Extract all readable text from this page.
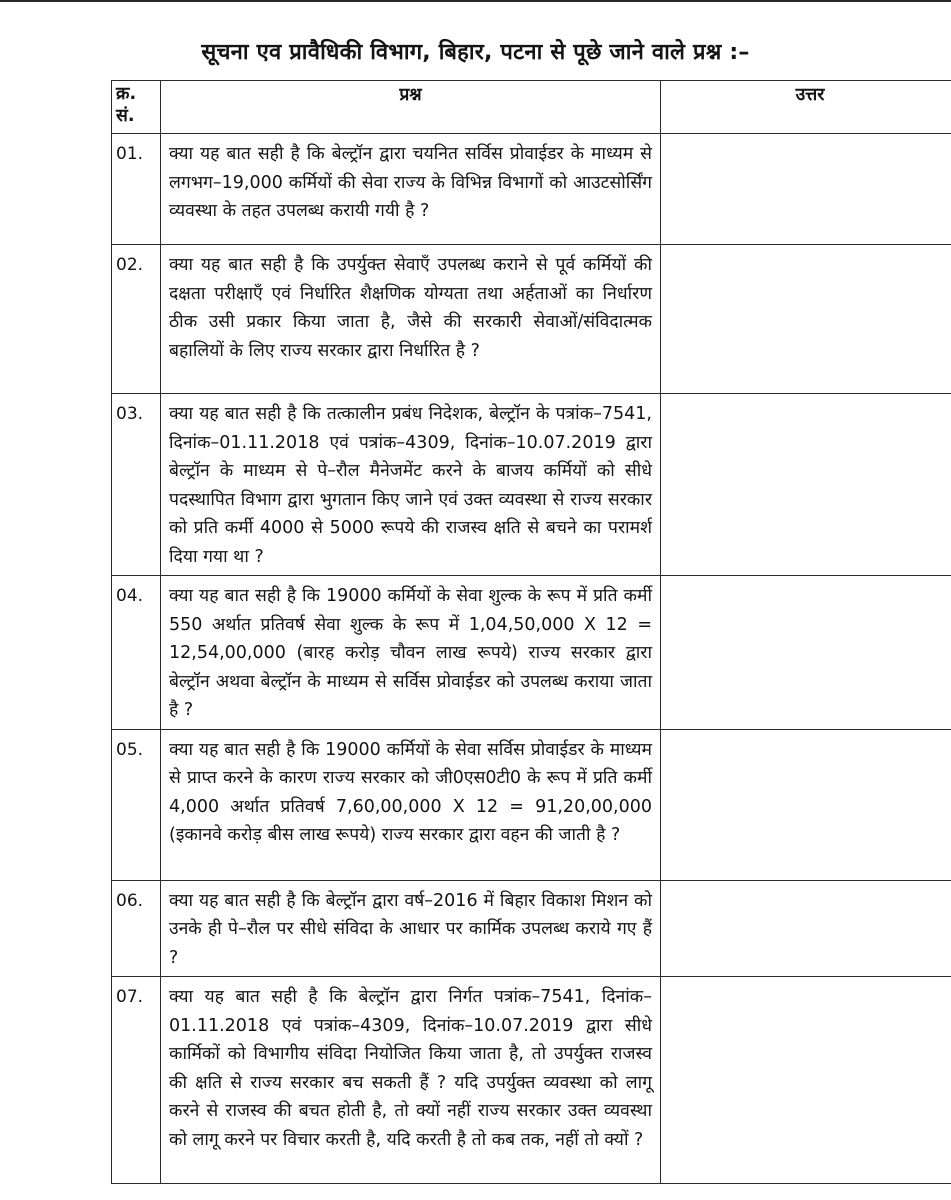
सूचना एव प्रावैधिकी विभाग, बिहार, पटना से पूछे जाने वाले प्रश्न :–
क्र. सं.	प्रश्न	उत्तर
01.	क्या यह बात सही है कि बेल्ट्रॉन द्वारा चयनित सर्विस प्रोवाईडर के माध्यम से लगभग–19,000 कर्मियों की सेवा राज्य के विभिन्न विभागों को आउटसोर्सिंग व्यवस्था के तहत उपलब्ध करायी गयी है ?	
02.	क्या यह बात सही है कि उपर्युक्त सेवाएँ उपलब्ध कराने से पूर्व कर्मियों की दक्षता परीक्षाएँ एवं निर्धारित शैक्षणिक योग्यता तथा अर्हताओं का निर्धारण ठीक उसी प्रकार किया जाता है, जैसे की सरकारी सेवाओं/संविदात्मक बहालियों के लिए राज्य सरकार द्वारा निर्धारित है ?	
03.	क्या यह बात सही है कि तत्कालीन प्रबंध निदेशक, बेल्ट्रॉन के पत्रांक–7541, दिनांक–01.11.2018 एवं पत्रांक–4309, दिनांक–10.07.2019 द्वारा बेल्ट्रॉन के माध्यम से पे–रौल मैनेजमेंट करने के बाजय कर्मियों को सीधे पदस्थापित विभाग द्वारा भुगतान किए जाने एवं उक्त व्यवस्था से राज्य सरकार को प्रति कर्मी 4000 से 5000 रूपये की राजस्व क्षति से बचने का परामर्श दिया गया था ?	
04.	क्या यह बात सही है कि 19000 कर्मियों के सेवा शुल्क के रूप में प्रति कर्मी 550 अर्थात प्रतिवर्ष सेवा शुल्क के रूप में 1,04,50,000 X 12 = 12,54,00,000 (बारह करोड़ चौवन लाख रूपये) राज्य सरकार द्वारा बेल्ट्रॉन अथवा बेल्ट्रॉन के माध्यम से सर्विस प्रोवाईडर को उपलब्ध कराया जाता है ?	
05.	क्या यह बात सही है कि 19000 कर्मियों के सेवा सर्विस प्रोवाईडर के माध्यम से प्राप्त करने के कारण राज्य सरकार को जी0एस0टी0 के रूप में प्रति कर्मी 4,000 अर्थात प्रतिवर्ष 7,60,00,000 X 12 = 91,20,00,000 (इकानवे करोड़ बीस लाख रूपये) राज्य सरकार द्वारा वहन की जाती है ?	
06.	क्या यह बात सही है कि बेल्ट्रॉन द्वारा वर्ष–2016 में बिहार विकाश मिशन को उनके ही पे–रौल पर सीधे संविदा के आधार पर कार्मिक उपलब्ध कराये गए हैं ?	
07.	क्या यह बात सही है कि बेल्ट्रॉन द्वारा निर्गत पत्रांक–7541, दिनांक–01.11.2018 एवं पत्रांक–4309, दिनांक–10.07.2019 द्वारा सीधे कार्मिकों को विभागीय संविदा नियोजित किया जाता है, तो उपर्युक्त राजस्व की क्षति से राज्य सरकार बच सकती हैं ? यदि उपर्युक्त व्यवस्था को लागू करने से राजस्व की बचत होती है, तो क्यों नहीं राज्य सरकार उक्त व्यवस्था को लागू करने पर विचार करती है, यदि करती है तो कब तक, नहीं तो क्यों ?	
